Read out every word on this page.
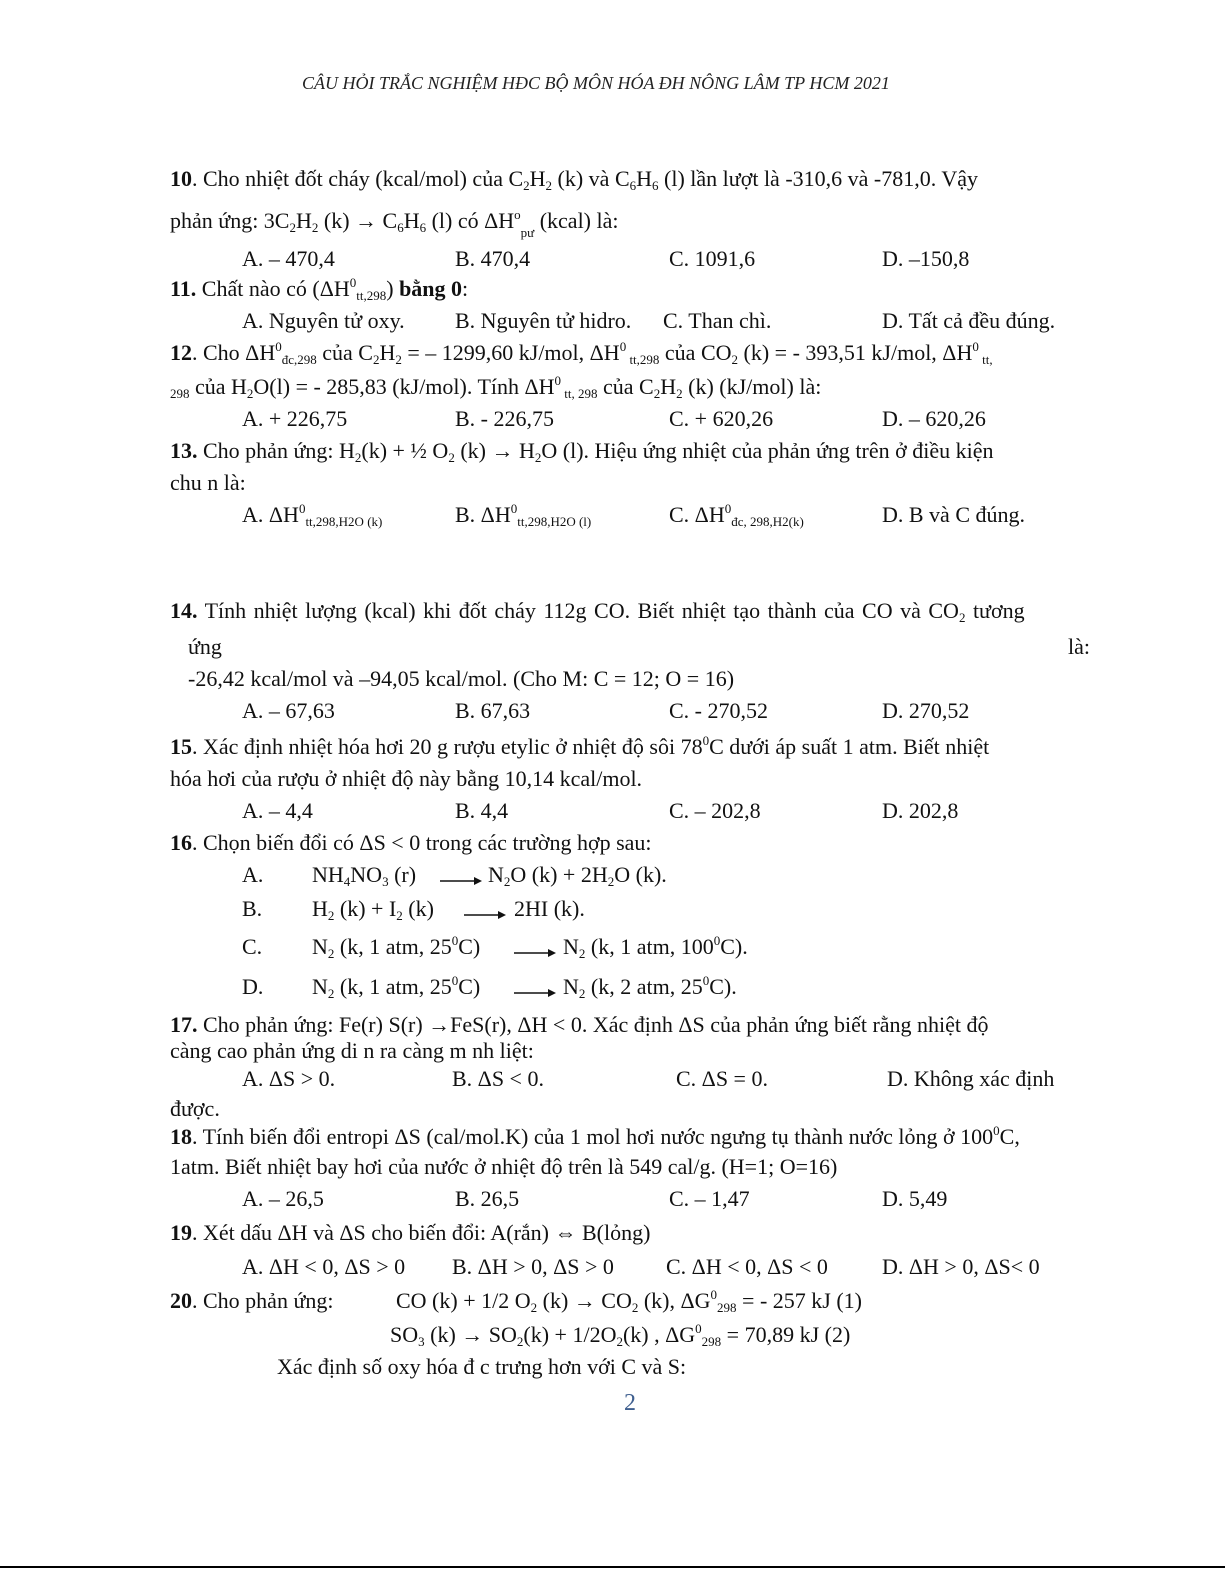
CÂU HỎI TRẮC NGHIỆM HĐC BỘ MÔN HÓA ĐH NÔNG LÂM TP HCM 2021
10. Cho nhiệt đốt cháy (kcal/mol) của $C_2H_2$ (k) và $C_6H_6$ (l) lần lượt là -310,6 và -781,0. Vậy
phản ứng: $3C_2H_2$ $(k) \to C_6H_6$ (l) có $\Delta H^o_{pư}$ (kcal) là:
A. – 470,4	B. 470,4	C. 1091,6	D. –150,8
11. Chất nào có $(\Delta H^0_{tt,298})$ bằng 0:
A. Nguyên tử oxy. B. Nguyên tử hidro. C. Than chì.	D. Tất cả đều đúng.
12. Cho $\Delta H^0_{đc,298}$ của $C_2H_2$ = – 1299,60 kJ/mol, $\Delta H^0$ $_{tt,298}$ của $CO_2$ (k) = - 393,51 kJ/mol, $\Delta H^0$ $_{tt,}$
$_{298}$ của $H_2O(l)$ = - 285,83 (kJ/mol). Tính $\Delta H^0$ $_{tt, 298}$ của $C_2H_2$ (k) (kJ/mol) là:
A. + 226,75	B. - 226,75	C. + 620,26	D. – 620,26
13. Cho phản ứng: $H_2(k)$ + ½ $O_2$ $(k) \to H_2O$ (l). Hiệu ứng nhiệt của phản ứng trên ở điều kiện
chu n là:
A. $\Delta H^0_{tt,298,H2O (k)}$	B. $\Delta H^0_{tt,298,H2O (l)}$	C. $\Delta H^0_{đc, 298,H2(k)}$	D. B và C đúng.
14. Tính nhiệt lượng (kcal) khi đốt cháy 112g CO. Biết nhiệt tạo thành của CO và $CO_2$ tương
ứng	là:
-26,42 kcal/mol và –94,05 kcal/mol. (Cho M: C = 12; O = 16)
A. – 67,63	B. 67,63	C. - 270,52	D. 270,52
15. Xác định nhiệt hóa hơi 20 g rượu etylic ở nhiệt độ sôi $78^0C$ dưới áp suất 1 atm. Biết nhiệt
hóa hơi của rượu ở nhiệt độ này bằng 10,14 kcal/mol.
A. – 4,4	B. 4,4	C. – 202,8	D. 202,8
16. Chọn biến đổi có ΔS < 0 trong các trường hợp sau:
A. $NH_4NO_3$ (r)	$N_2O$ $(k) + 2H_2O$ (k).
B. $H_2$ $(k) + I_2$ (k)	2HI (k).
C. $N_2$ (k, 1 atm, $25^0C$)	$N_2$ (k, 1 atm, $100^0C$).
D. $N_2$ (k, 1 atm, $25^0C$)	$N_2$ (k, 2 atm, $25^0C$).
17. Cho phản ứng: Fe(r) S(r) →FeS(r), ΔH < 0. Xác định ΔS của phản ứng biết rằng nhiệt độ
càng cao phản ứng di n ra càng m nh liệt:
A. ΔS > 0.	B. ΔS < 0.	C. ΔS = 0.	D. Không xác định
được.
18. Tính biến đổi entropi ΔS (cal/mol.K) của 1 mol hơi nước ngưng tụ thành nước lỏng ở $100^0C$,
1atm. Biết nhiệt bay hơi của nước ở nhiệt độ trên là 549 cal/g. (H=1; O=16)
A. – 26,5	B. 26,5	C. – 1,47	D. 5,49
19. Xét dấu ΔH và ΔS cho biến đổi: A(rắn) ⇔ B(lỏng)
A. ΔH < 0, ΔS > 0 B. ΔH > 0, ΔS > 0 C. ΔH < 0, ΔS < 0 D. ΔH > 0, ΔS< 0
20. Cho phản ứng:	CO (k) + 1/2 $O_2$ $(k) \to CO_2$ (k), $\Delta G^0_{298}$ = - 257 kJ (1)
$SO_3$ $(k) \to SO_2(k) + 1/2O_2(k)$ , $\Delta G^0_{298} = 70,89$ kJ (2)
Xác định số oxy hóa đ c trưng hơn với C và S:
2
